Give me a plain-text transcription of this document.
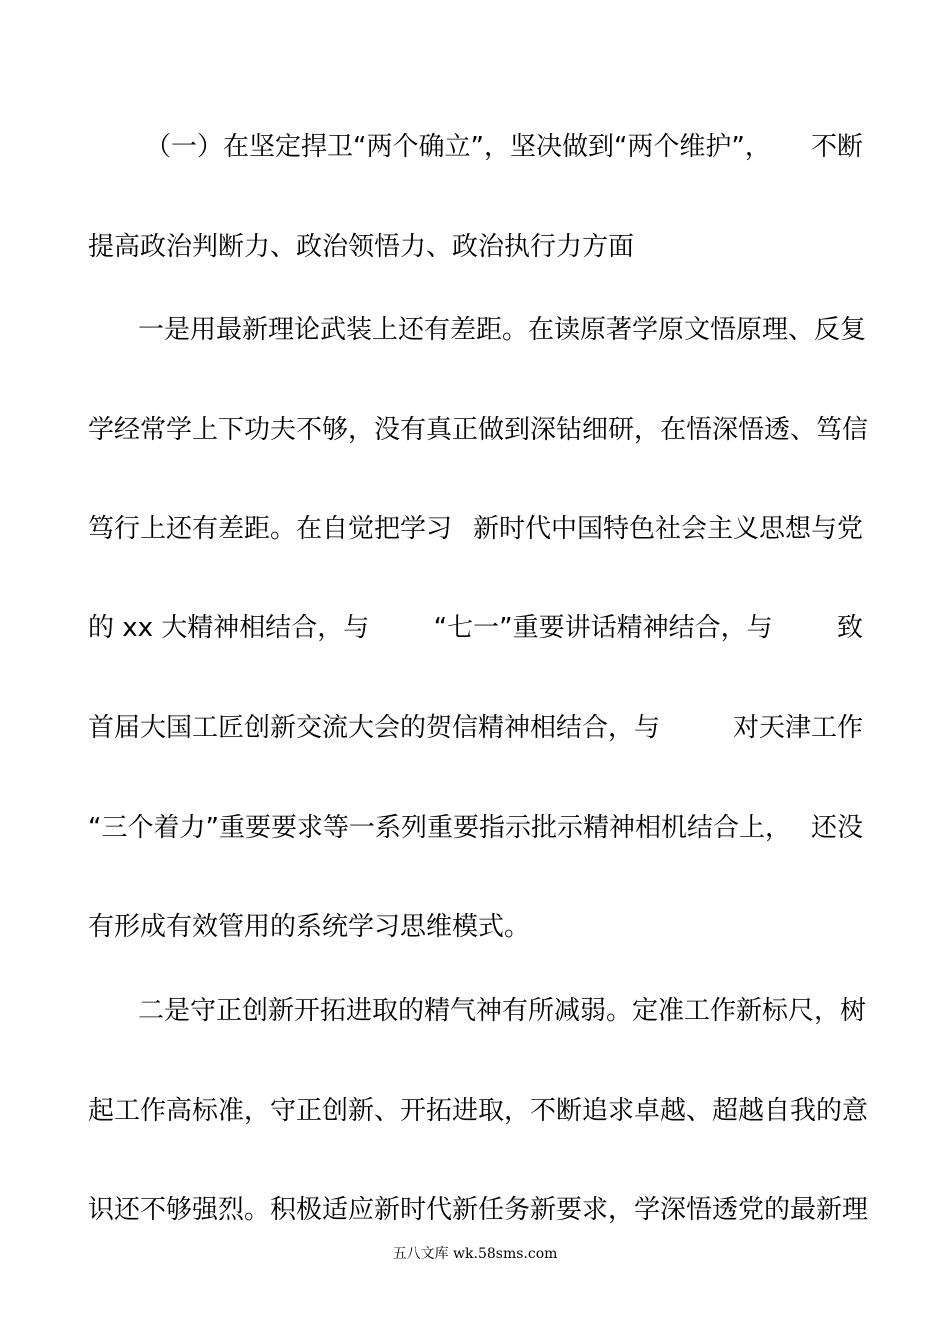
（一）在坚定捍卫“两个确立”，坚决做到“两个维护”， 不断
提高政治判断力、政治领悟力、政治执行力方面
一是用最新理论武装上还有差距。在读原著学原文悟原理、 反复
学经常学上下功夫不够，没有真正做到深钻细研，在悟深悟透、 笃信
笃行上还有差距。在自觉把学习 新时代中国特色社会主义思想与党
的 xx 大精神相结合，与 “七一”重要讲话精神结合，与 致
首届大国工匠创新交流大会的贺信精神相结合，与	对天津工作
“三个着力”重要要求等一系列重要指示批示精神相机结合上， 还没
有形成有效管用的系统学习思维模式。
二是守正创新开拓进取的精气神有所减弱。定准工作新标尺， 树
起工作高标准，守正创新、开拓进取，不断追求卓越、超越自我的 意
识还不够强烈。积极适应新时代新任务新要求，学深悟透党的 最新理
五八文库 wk.58sms.com
